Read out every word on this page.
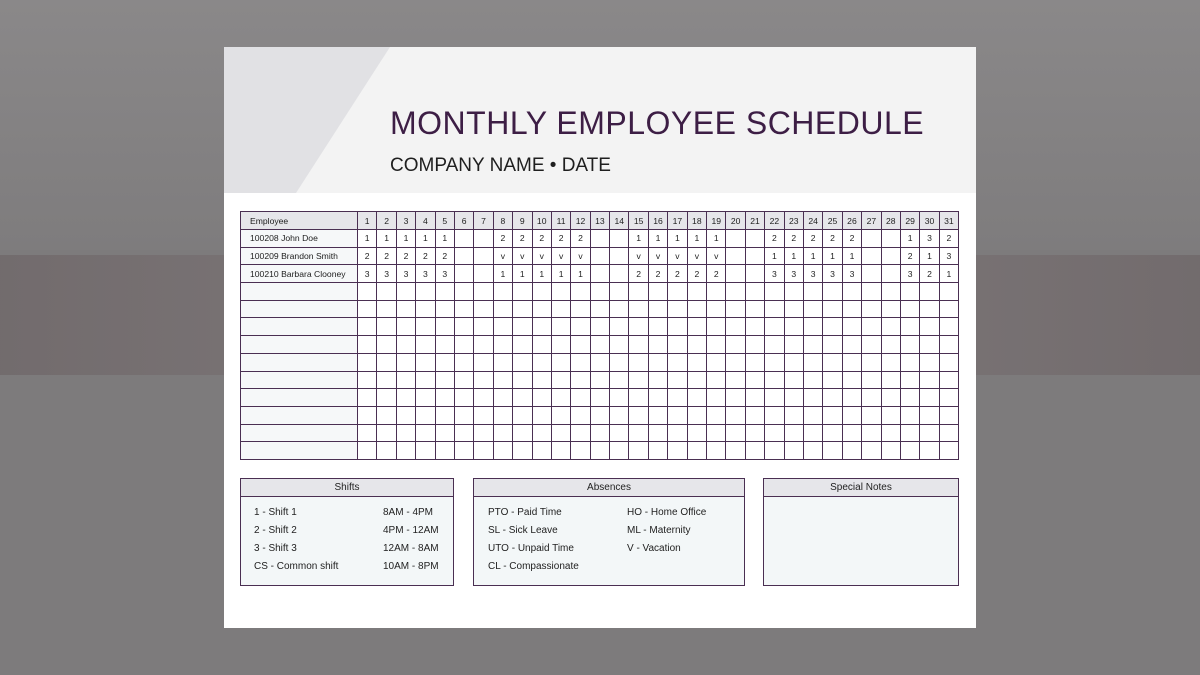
MONTHLY EMPLOYEE SCHEDULE
COMPANY NAME • DATE
Employee	1	2	3	4	5	6	7	8	9	10	11	12	13	14	15	16	17	18	19	20	21	22	23	24	25	26	27	28	29	30	31
100208 John Doe	1	1	1	1	1			2	2	2	2	2			1	1	1	1	1			2	2	2	2	2			1	3	2
100209 Brandon Smith	2	2	2	2	2			v	v	v	v	v			v	v	v	v	v			1	1	1	1	1			2	1	3
100210 Barbara Clooney	3	3	3	3	3			1	1	1	1	1			2	2	2	2	2			3	3	3	3	3			3	2	1

Shifts
1 - Shift 1	8AM - 4PM
2 - Shift 2	4PM - 12AM
3 - Shift 3	12AM - 8AM
CS - Common shift	10AM - 8PM
Absences
PTO - Paid Time
SL - Sick Leave
UTO - Unpaid Time
CL - Compassionate
HO - Home Office
ML - Maternity
V - Vacation
Special Notes
